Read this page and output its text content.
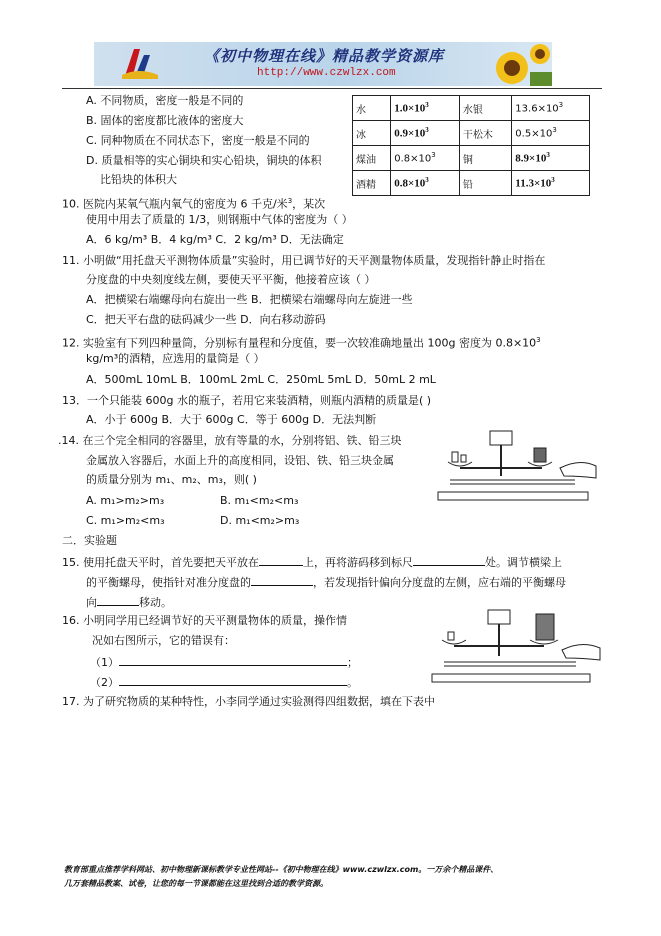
《初中物理在线》精品教学资源库
http://www.czwlzx.com
A. 不同物质，密度一般是不同的
B. 固体的密度都比液体的密度大
C. 同种物质在不同状态下，密度一般是不同的
D. 质量相等的实心铜块和实心铅块，铜块的体积
比铅块的体积大
水	$1.0\times 10^3$	水银	$13.6\times 10^3$
冰	$0.9\times 10^3$	干松木	$0.5\times 10^3$
煤油	$0.8\times 10^3$	铜	$8.9\times 10^3$
酒精	$0.8\times 10^3$	铅	$11.3\times 10^3$
10. 医院内某氧气瓶内氧气的密度为 6 千克/米$^3$，某次
使用中用去了质量的 1/3，则钢瓶中气体的密度为（ ）
A．6 kg/m³ B．4 kg/m³ C．2 kg/m³ D．无法确定
11. 小明做“用托盘天平测物体质量”实验时，用已调节好的天平测量物体质量，发现指针静止时指在
分度盘的中央刻度线左侧，要使天平平衡，他接着应该（ ）
A．把横梁右端螺母向右旋出一些 B．把横梁右端螺母向左旋进一些
C．把天平右盘的砝码减少一些 D．向右移动游码
12. 实验室有下列四种量筒，分别标有量程和分度值，要一次较准确地量出 100g 密度为 $0.8\times 10^3$
kg/m³的酒精，应选用的量筒是（ ）
A．500mL 10mL B．100mL 2mL C．250mL 5mL D．50mL 2 mL
13．一个只能装 600g 水的瓶子，若用它来装酒精，则瓶内酒精的质量是( )
A．小于 600g B．大于 600g C．等于 600g D．无法判断
.14. 在三个完全相同的容器里，放有等量的水，分别将铝、铁、铅三块
金属放入容器后，水面上升的高度相同，设铝、铁、铅三块金属
的质量分别为 m₁、m₂、m₃，则( )
A. m₁>m₂>m₃	B. m₁<m₂<m₃
C. m₁>m₂<m₃	D. m₁<m₂>m₃
二．实验题
15. 使用托盘天平时，首先要把天平放在	上，再将游码移到标尺	处。调节横梁上
的平衡螺母，使指针对准分度盘的	，若发现指针偏向分度盘的左侧，应右端的平衡螺母
向	移动。
16. 小明同学用已经调节好的天平测量物体的质量，操作情
况如右图所示，它的错误有：
（1）	；
（2）	。
17. 为了研究物质的某种特性，小李同学通过实验测得四组数据，填在下表中
教育部重点推荐学科网站、初中物理新课标教学专业性网站--《初中物理在线》www.czwlzx.com。一万余个精品课件、
几万套精品教案、试卷，让您的每一节课都能在这里找到合适的教学资源。
